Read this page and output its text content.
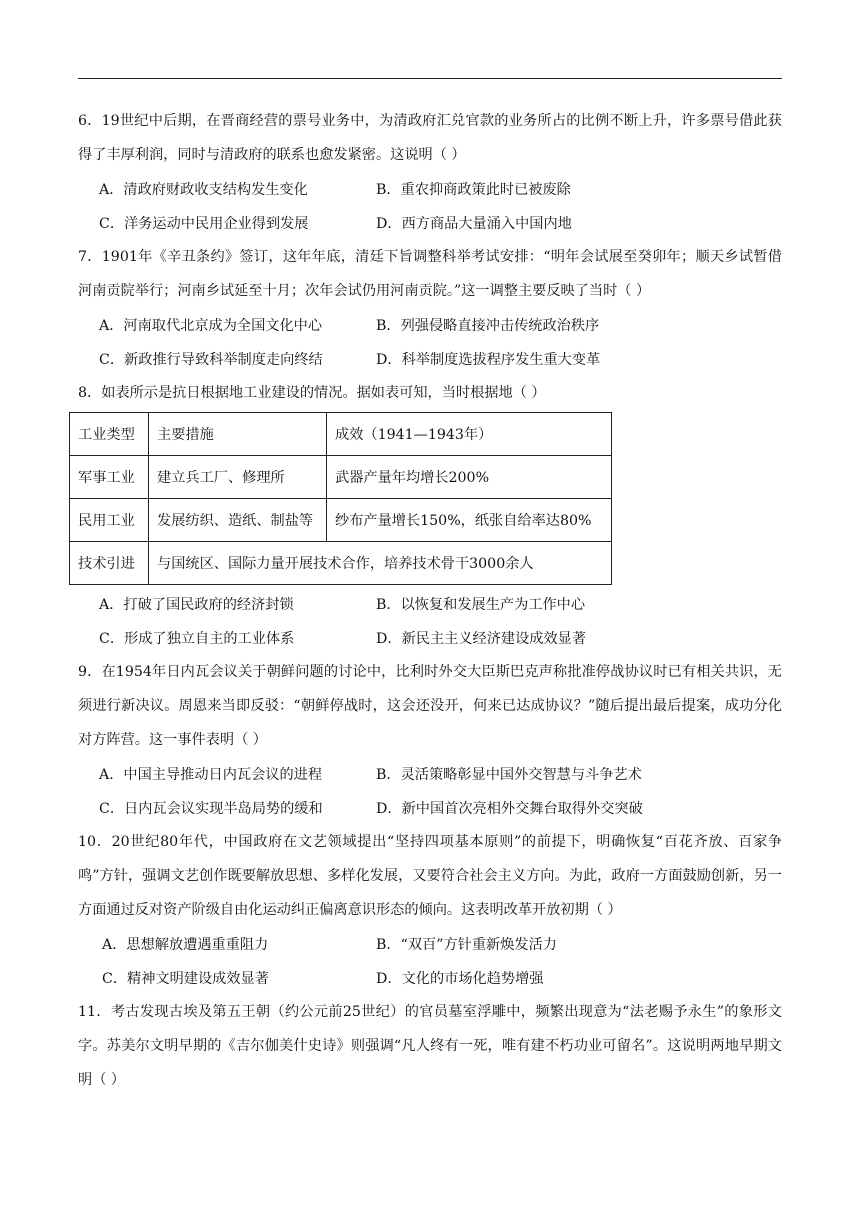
6．19世纪中后期，在晋商经营的票号业务中，为清政府汇兑官款的业务所占的比例不断上升，许多票号借此获得了丰厚利润，同时与清政府的联系也愈发紧密。这说明（ ）

A．清政府财政收支结构发生变化	B．重农抑商政策此时已被废除
C．洋务运动中民用企业得到发展	D．西方商品大量涌入中国内地

7．1901年《辛丑条约》签订，这年年底，清廷下旨调整科举考试安排：“明年会试展至癸卯年；顺天乡试暂借河南贡院举行；河南乡试延至十月；次年会试仍用河南贡院。”这一调整主要反映了当时（ ）

A．河南取代北京成为全国文化中心	B．列强侵略直接冲击传统政治秩序
C．新政推行导致科举制度走向终结	D．科举制度选拔程序发生重大变革

8．如表所示是抗日根据地工业建设的情况。据如表可知，当时根据地（ ）

工业类型	主要措施	成效（1941—1943年）
军事工业	建立兵工厂、修理所	武器产量年均增长200%
民用工业	发展纺织、造纸、制盐等	纱布产量增长150%，纸张自给率达80%
技术引进	与国统区、国际力量开展技术合作，培养技术骨干3000余人	
A．打破了国民政府的经济封锁	B．以恢复和发展生产为工作中心
C．形成了独立自主的工业体系	D．新民主主义经济建设成效显著

9．在1954年日内瓦会议关于朝鲜问题的讨论中，比利时外交大臣斯巴克声称批准停战协议时已有相关共识，无须进行新决议。周恩来当即反驳：“朝鲜停战时，这会还没开，何来已达成协议？”随后提出最后提案，成功分化对方阵营。这一事件表明（ ）

A．中国主导推动日内瓦会议的进程	B．灵活策略彰显中国外交智慧与斗争艺术
C．日内瓦会议实现半岛局势的缓和	D．新中国首次亮相外交舞台取得外交突破

10．20世纪80年代，中国政府在文艺领域提出“坚持四项基本原则”的前提下，明确恢复“百花齐放、百家争鸣”方针，强调文艺创作既要解放思想、多样化发展，又要符合社会主义方向。为此，政府一方面鼓励创新，另一方面通过反对资产阶级自由化运动纠正偏离意识形态的倾向。这表明改革开放初期（ ）

A．思想解放遭遇重重阻力	B．“双百”方针重新焕发活力
C．精神文明建设成效显著	D．文化的市场化趋势增强

11．考古发现古埃及第五王朝（约公元前25世纪）的官员墓室浮雕中，频繁出现意为“法老赐予永生”的象形文字。苏美尔文明早期的《吉尔伽美什史诗》则强调“凡人终有一死，唯有建不朽功业可留名”。这说明两地早期文明（ ）
